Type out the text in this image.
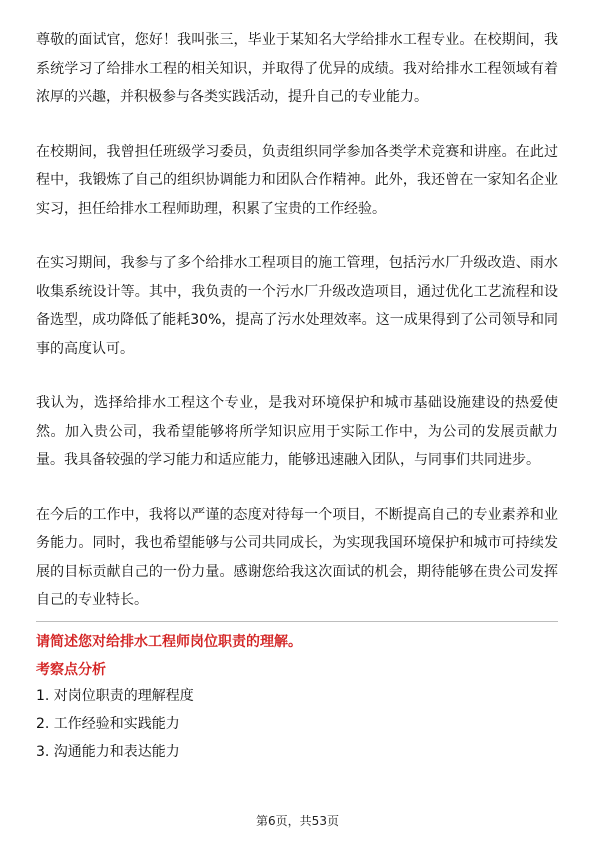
尊敬的面试官，您好！我叫张三，毕业于某知名大学给排水工程专业。在校期间，我系统学习了给排水工程的相关知识，并取得了优异的成绩。我对给排水工程领域有着浓厚的兴趣，并积极参与各类实践活动，提升自己的专业能力。

在校期间，我曾担任班级学习委员，负责组织同学参加各类学术竞赛和讲座。在此过程中，我锻炼了自己的组织协调能力和团队合作精神。此外，我还曾在一家知名企业实习，担任给排水工程师助理，积累了宝贵的工作经验。

在实习期间，我参与了多个给排水工程项目的施工管理，包括污水厂升级改造、雨水收集系统设计等。其中，我负责的一个污水厂升级改造项目，通过优化工艺流程和设备选型，成功降低了能耗30%，提高了污水处理效率。这一成果得到了公司领导和同事的高度认可。

我认为，选择给排水工程这个专业，是我对环境保护和城市基础设施建设的热爱使然。加入贵公司，我希望能够将所学知识应用于实际工作中，为公司的发展贡献力量。我具备较强的学习能力和适应能力，能够迅速融入团队，与同事们共同进步。

在今后的工作中，我将以严谨的态度对待每一个项目，不断提高自己的专业素养和业务能力。同时，我也希望能够与公司共同成长，为实现我国环境保护和城市可持续发展的目标贡献自己的一份力量。感谢您给我这次面试的机会，期待能够在贵公司发挥自己的专业特长。

请简述您对给排水工程师岗位职责的理解。

考察点分析

1. 对岗位职责的理解程度
2. 工作经验和实践能力
3. 沟通能力和表达能力
第6页，共53页
